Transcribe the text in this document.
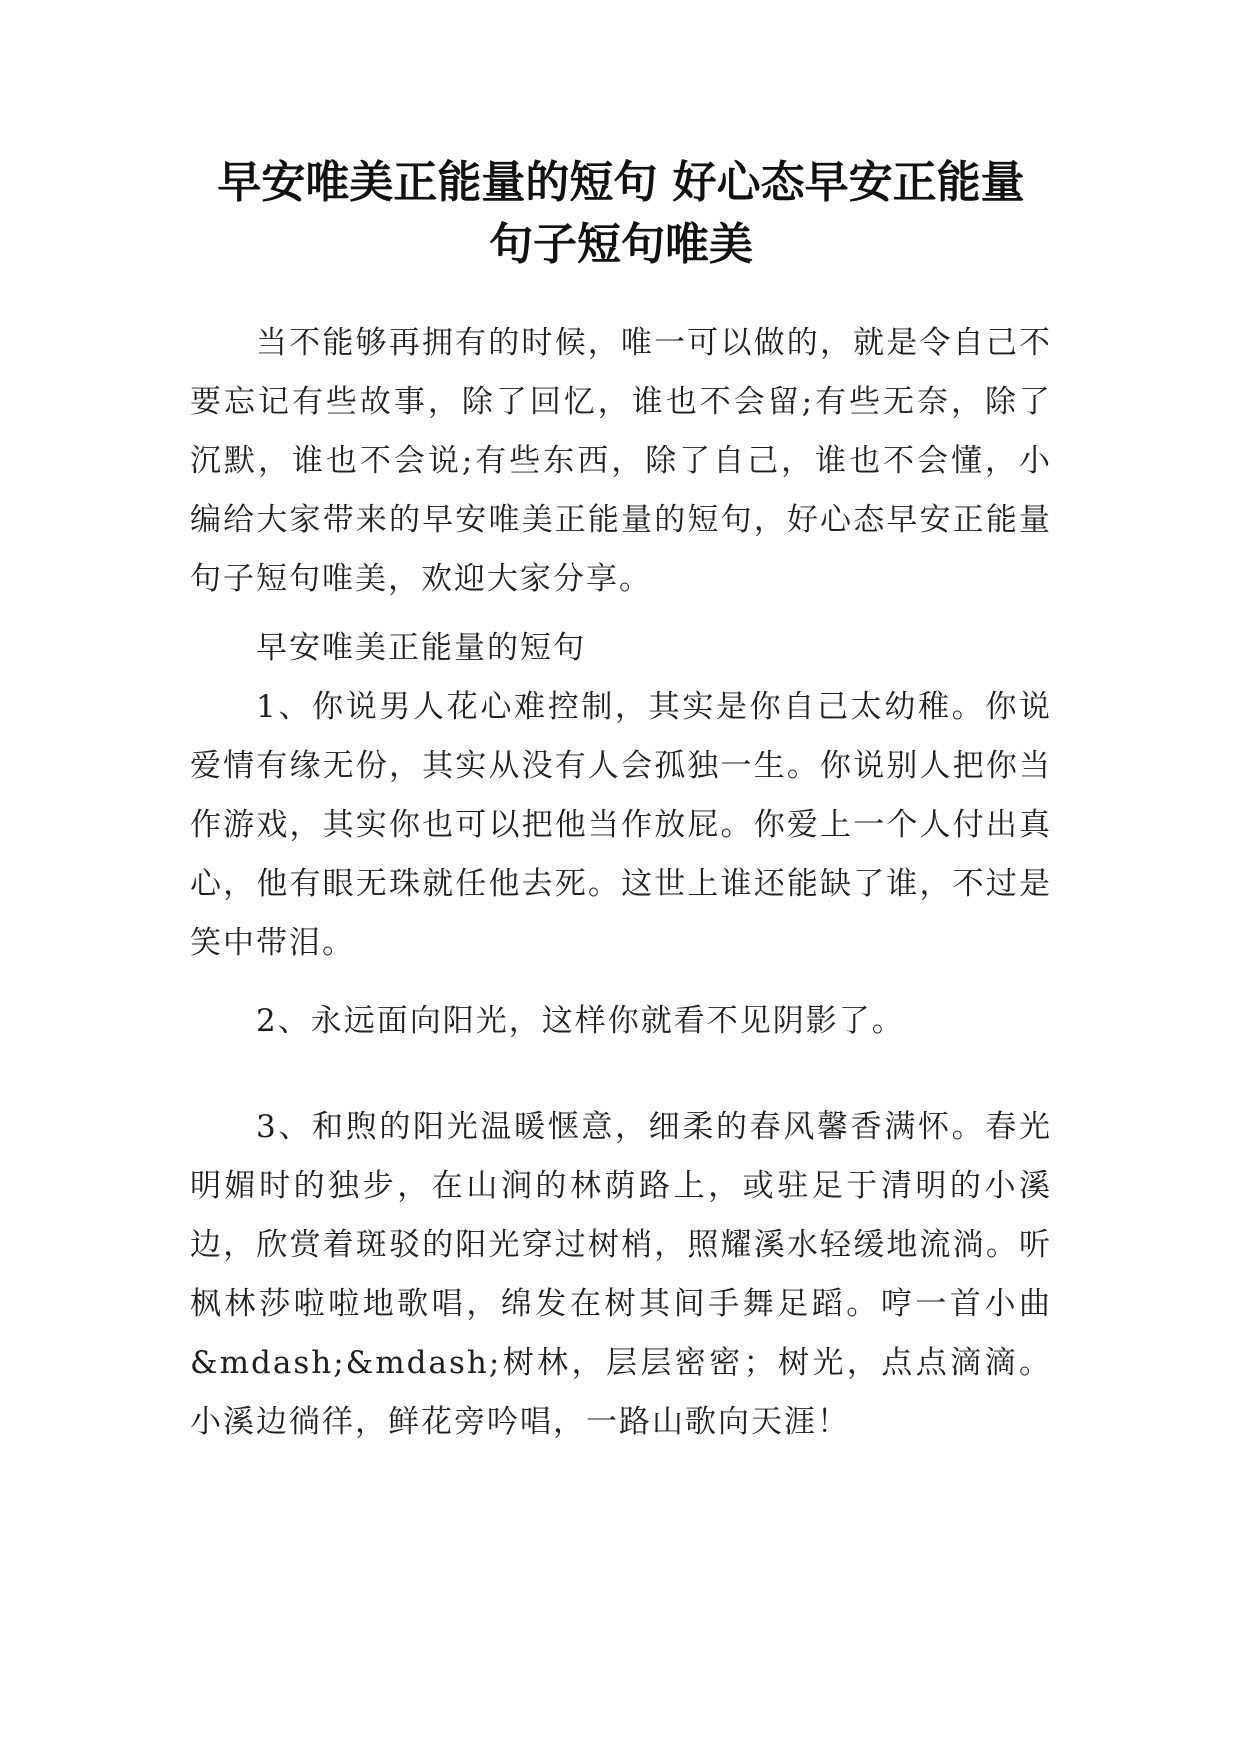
早安唯美正能量的短句 好心态早安正能量
句子短句唯美

当不能够再拥有的时候，唯一可以做的，就是令自己不要忘记有些故事，除了回忆，谁也不会留;有些无奈，除了沉默，谁也不会说;有些东西，除了自己，谁也不会懂，小编给大家带来的早安唯美正能量的短句，好心态早安正能量句子短句唯美，欢迎大家分享。

早安唯美正能量的短句

1、你说男人花心难控制，其实是你自己太幼稚。你说爱情有缘无份，其实从没有人会孤独一生。你说别人把你当作游戏，其实你也可以把他当作放屁。你爱上一个人付出真心，他有眼无珠就任他去死。这世上谁还能缺了谁，不过是笑中带泪。

2、永远面向阳光，这样你就看不见阴影了。

3、和煦的阳光温暖惬意，细柔的春风馨香满怀。春光明媚时的独步，在山涧的林荫路上，或驻足于清明的小溪边，欣赏着斑驳的阳光穿过树梢，照耀溪水轻缓地流淌。听枫林莎啦啦地歌唱，绵发在树其间手舞足蹈。哼一首小曲&mdash;&mdash;树林，层层密密；树光，点点滴滴。小溪边徜徉，鲜花旁吟唱，一路山歌向天涯！
